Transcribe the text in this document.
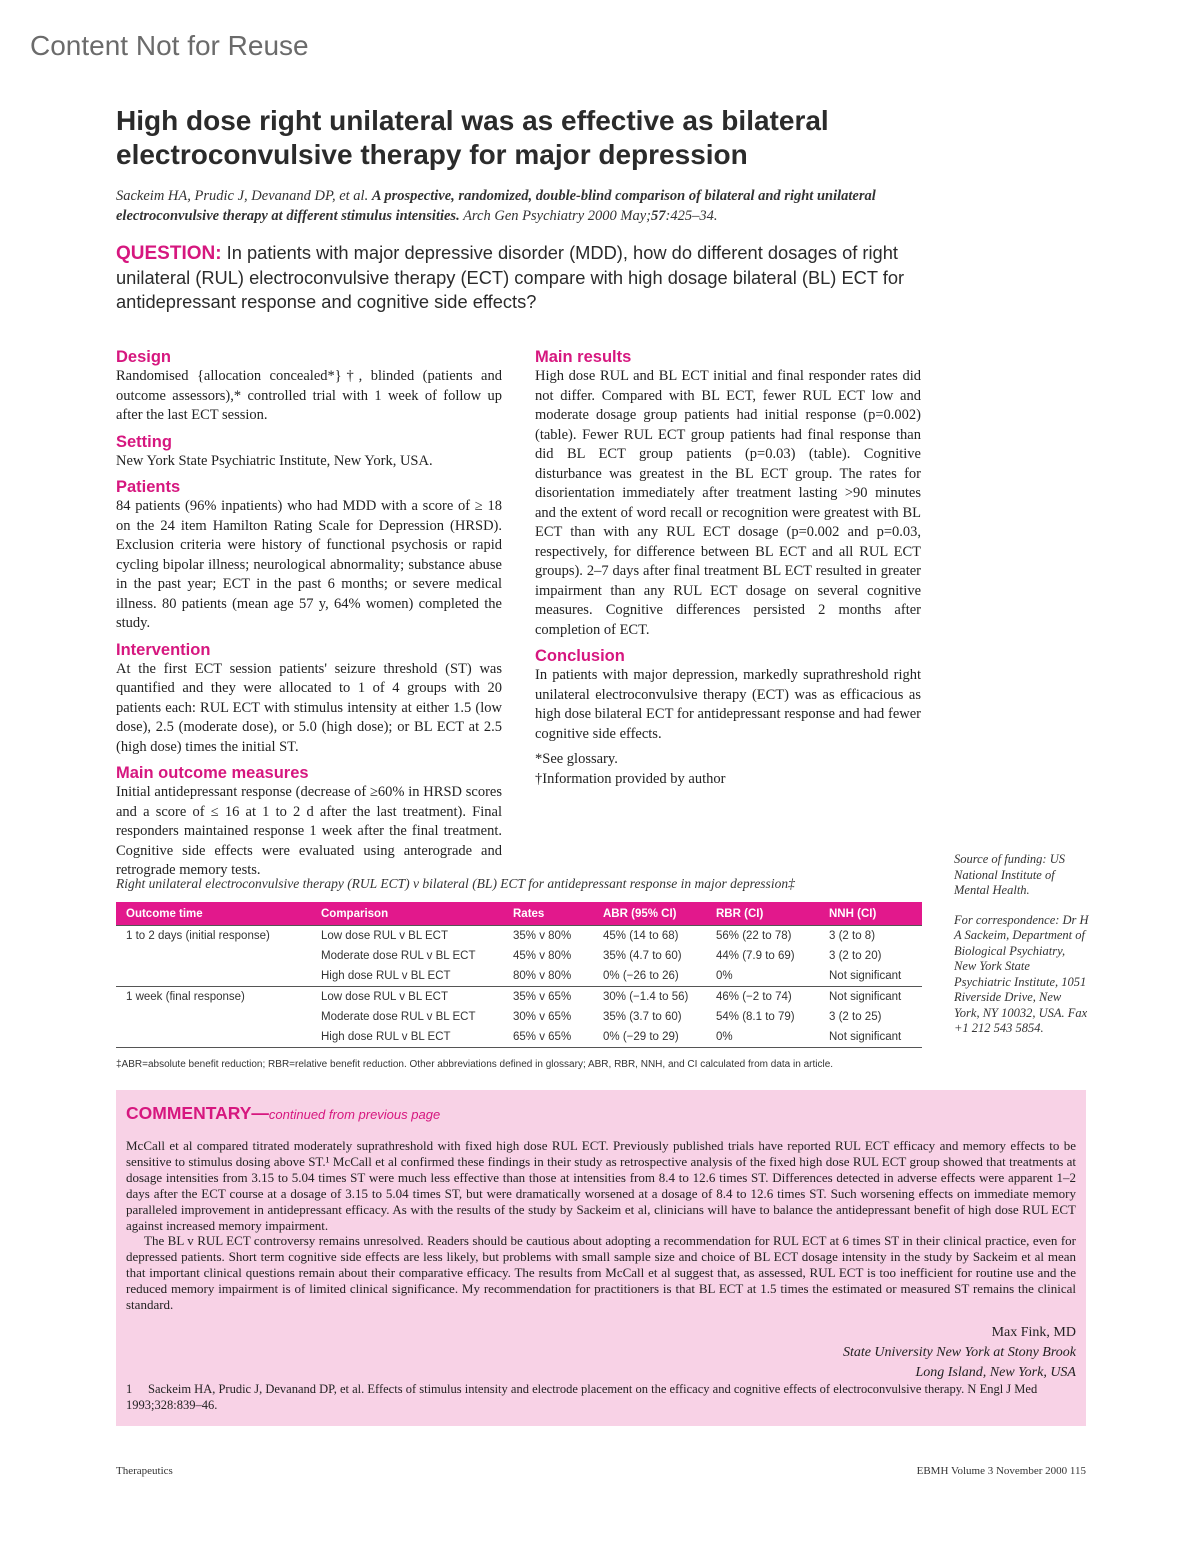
Content Not for Reuse
High dose right unilateral was as effective as bilateral electroconvulsive therapy for major depression
Sackeim HA, Prudic J, Devanand DP, et al. A prospective, randomized, double-blind comparison of bilateral and right unilateral electroconvulsive therapy at different stimulus intensities. Arch Gen Psychiatry 2000 May;57:425–34.
QUESTION: In patients with major depressive disorder (MDD), how do different dosages of right unilateral (RUL) electroconvulsive therapy (ECT) compare with high dosage bilateral (BL) ECT for antidepressant response and cognitive side effects?
Design

Randomised {allocation concealed*}†, blinded (patients and outcome assessors),* controlled trial with 1 week of follow up after the last ECT session.

Setting

New York State Psychiatric Institute, New York, USA.

Patients

84 patients (96% inpatients) who had MDD with a score of ≥ 18 on the 24 item Hamilton Rating Scale for Depression (HRSD). Exclusion criteria were history of functional psychosis or rapid cycling bipolar illness; neurological abnormality; substance abuse in the past year; ECT in the past 6 months; or severe medical illness. 80 patients (mean age 57 y, 64% women) completed the study.

Intervention

At the first ECT session patients' seizure threshold (ST) was quantified and they were allocated to 1 of 4 groups with 20 patients each: RUL ECT with stimulus intensity at either 1.5 (low dose), 2.5 (moderate dose), or 5.0 (high dose); or BL ECT at 2.5 (high dose) times the initial ST.

Main outcome measures

Initial antidepressant response (decrease of ≥60% in HRSD scores and a score of ≤ 16 at 1 to 2 d after the last treatment). Final responders maintained response 1 week after the final treatment. Cognitive side effects were evaluated using anterograde and retrograde memory tests.

Main results

High dose RUL and BL ECT initial and final responder rates did not differ. Compared with BL ECT, fewer RUL ECT low and moderate dosage group patients had initial response (p=0.002) (table). Fewer RUL ECT group patients had final response than did BL ECT group patients (p=0.03) (table). Cognitive disturbance was greatest in the BL ECT group. The rates for disorientation immediately after treatment lasting >90 minutes and the extent of word recall or recognition were greatest with BL ECT than with any RUL ECT dosage (p=0.002 and p=0.03, respectively, for difference between BL ECT and all RUL ECT groups). 2–7 days after final treatment BL ECT resulted in greater impairment than any RUL ECT dosage on several cognitive measures. Cognitive differences persisted 2 months after completion of ECT.

Conclusion

In patients with major depression, markedly suprathreshold right unilateral electroconvulsive therapy (ECT) was as efficacious as high dose bilateral ECT for antidepressant response and had fewer cognitive side effects.

*See glossary.

†Information provided by author

Source of funding: US National Institute of Mental Health.

For correspondence: Dr H A Sackeim, Department of Biological Psychiatry, New York State Psychiatric Institute, 1051 Riverside Drive, New York, NY 10032, USA. Fax +1 212 543 5854.

Right unilateral electroconvulsive therapy (RUL ECT) v bilateral (BL) ECT for antidepressant response in major depression‡
Outcome time	Comparison	Rates	ABR (95% CI)	RBR (CI)	NNH (CI)
1 to 2 days (initial response)	Low dose RUL v BL ECT	35% v 80%	45% (14 to 68)	56% (22 to 78)	3 (2 to 8)
	Moderate dose RUL v BL ECT	45% v 80%	35% (4.7 to 60)	44% (7.9 to 69)	3 (2 to 20)
	High dose RUL v BL ECT	80% v 80%	0% (−26 to 26)	0%	Not significant
1 week (final response)	Low dose RUL v BL ECT	35% v 65%	30% (−1.4 to 56)	46% (−2 to 74)	Not significant
	Moderate dose RUL v BL ECT	30% v 65%	35% (3.7 to 60)	54% (8.1 to 79)	3 (2 to 25)
	High dose RUL v BL ECT	65% v 65%	0% (−29 to 29)	0%	Not significant
‡ABR=absolute benefit reduction; RBR=relative benefit reduction. Other abbreviations defined in glossary; ABR, RBR, NNH, and CI calculated from data in article.
COMMENTARY—continued from previous page

McCall et al compared titrated moderately suprathreshold with fixed high dose RUL ECT. Previously published trials have reported RUL ECT efficacy and memory effects to be sensitive to stimulus dosing above ST.¹ McCall et al confirmed these findings in their study as retrospective analysis of the fixed high dose RUL ECT group showed that treatments at dosage intensities from 3.15 to 5.04 times ST were much less effective than those at intensities from 8.4 to 12.6 times ST. Differences detected in adverse effects were apparent 1–2 days after the ECT course at a dosage of 3.15 to 5.04 times ST, but were dramatically worsened at a dosage of 8.4 to 12.6 times ST. Such worsening effects on immediate memory paralleled improvement in antidepressant efficacy. As with the results of the study by Sackeim et al, clinicians will have to balance the antidepressant benefit of high dose RUL ECT against increased memory impairment.

The BL v RUL ECT controversy remains unresolved. Readers should be cautious about adopting a recommendation for RUL ECT at 6 times ST in their clinical practice, even for depressed patients. Short term cognitive side effects are less likely, but problems with small sample size and choice of BL ECT dosage intensity in the study by Sackeim et al mean that important clinical questions remain about their comparative efficacy. The results from McCall et al suggest that, as assessed, RUL ECT is too inefficient for routine use and the reduced memory impairment is of limited clinical significance. My recommendation for practitioners is that BL ECT at 1.5 times the estimated or measured ST remains the clinical standard.

Max Fink, MD
State University New York at Stony Brook
Long Island, New York, USA
1 Sackeim HA, Prudic J, Devanand DP, et al. Effects of stimulus intensity and electrode placement on the efficacy and cognitive effects of electroconvulsive therapy. N Engl J Med 1993;328:839–46.
Therapeutics	EBMH Volume 3 November 2000 115
